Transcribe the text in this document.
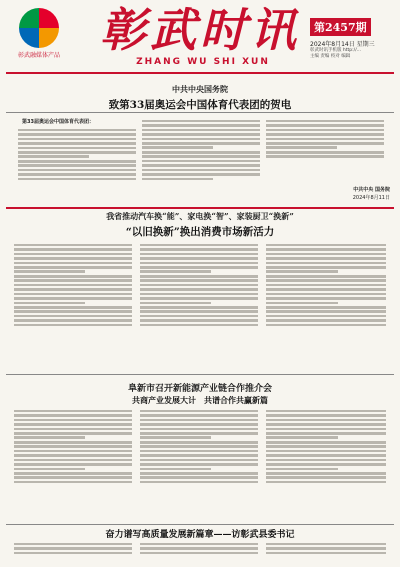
彰武融媒体产品 彰武时讯
ZHANG WU SHI XUN
第2457期
2024年8月14日 星期三
彰武时讯手机版 http://...
主编 责编 校对 编辑
中共中央国务院
致第33届奥运会中国体育代表团的贺电
第33届奥运会中国体育代表团：
中共中央 国务院
2024年8月11日
我省推动汽车换“能”、家电换“智”、家装厨卫“换新”
“以旧换新”换出消费市场新活力
阜新市召开新能源产业链合作推介会
共商产业发展大计　共谱合作共赢新篇
奋力谱写高质量发展新篇章——访彰武县委书记
